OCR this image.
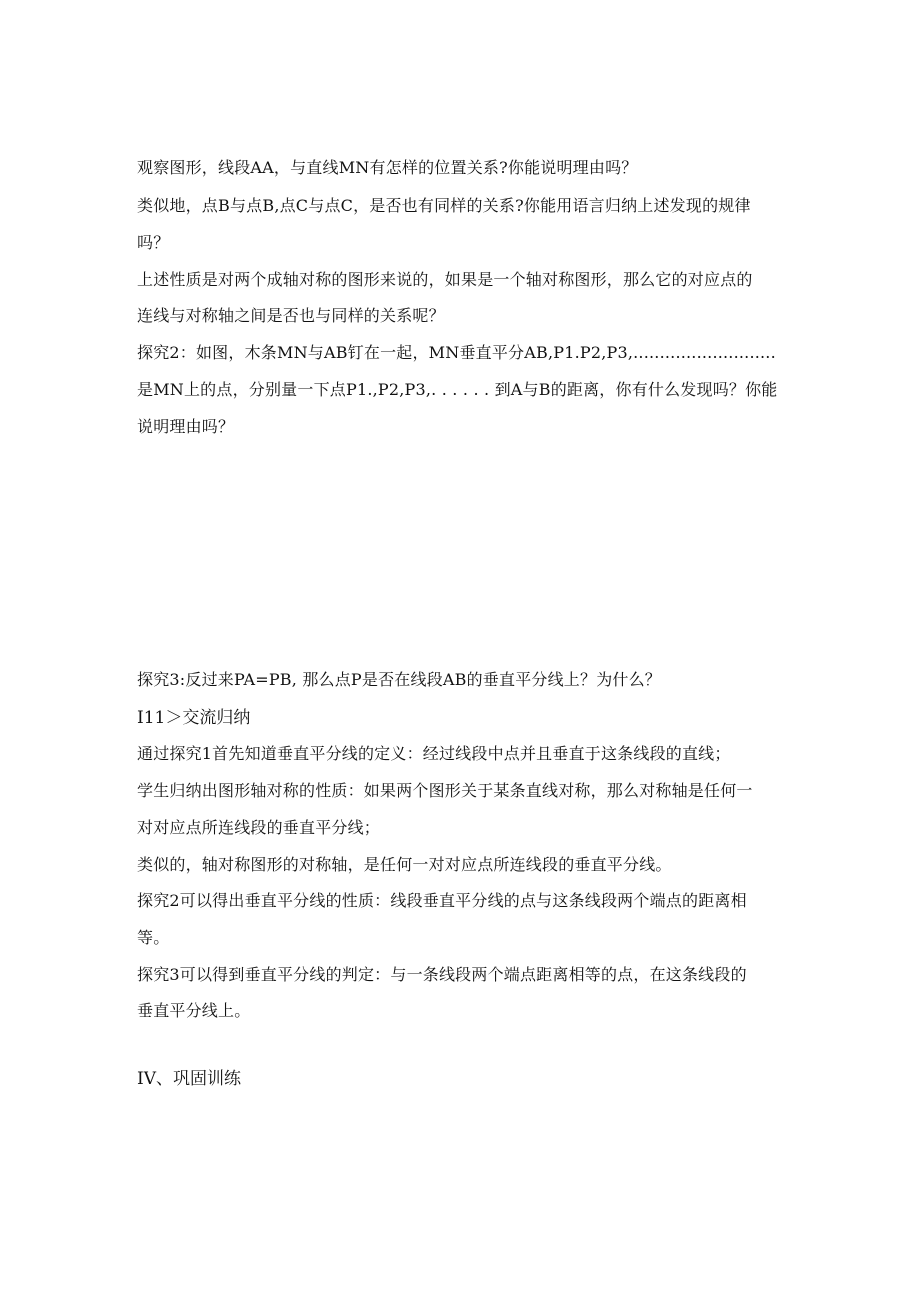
观察图形，线段AA，与直线MN有怎样的位置关系?你能说明理由吗？
类似地，点B与点B,点C与点C，是否也有同样的关系?你能用语言归纳上述发现的规律
吗？
上述性质是对两个成轴对称的图形来说的，如果是一个轴对称图形，那么它的对应点的
连线与对称轴之间是否也与同样的关系呢？
探究2：如图，木条MN与AB钉在一起，MN垂直平分AB,P1.P2,P3,...........................
是MN上的点，分别量一下点P1.,P2,P3,. . . . . . 到A与B的距离，你有什么发现吗？你能
说明理由吗？
探究3:反过来PA=PB, 那么点P是否在线段AB的垂直平分线上？为什么？
I11＞交流归纳
通过探究1首先知道垂直平分线的定义：经过线段中点并且垂直于这条线段的直线；
学生归纳出图形轴对称的性质：如果两个图形关于某条直线对称，那么对称轴是任何一
对对应点所连线段的垂直平分线；
类似的，轴对称图形的对称轴，是任何一对对应点所连线段的垂直平分线。
探究2可以得出垂直平分线的性质：线段垂直平分线的点与这条线段两个端点的距离相
等。
探究3可以得到垂直平分线的判定：与一条线段两个端点距离相等的点，在这条线段的
垂直平分线上。
IV、巩固训练
